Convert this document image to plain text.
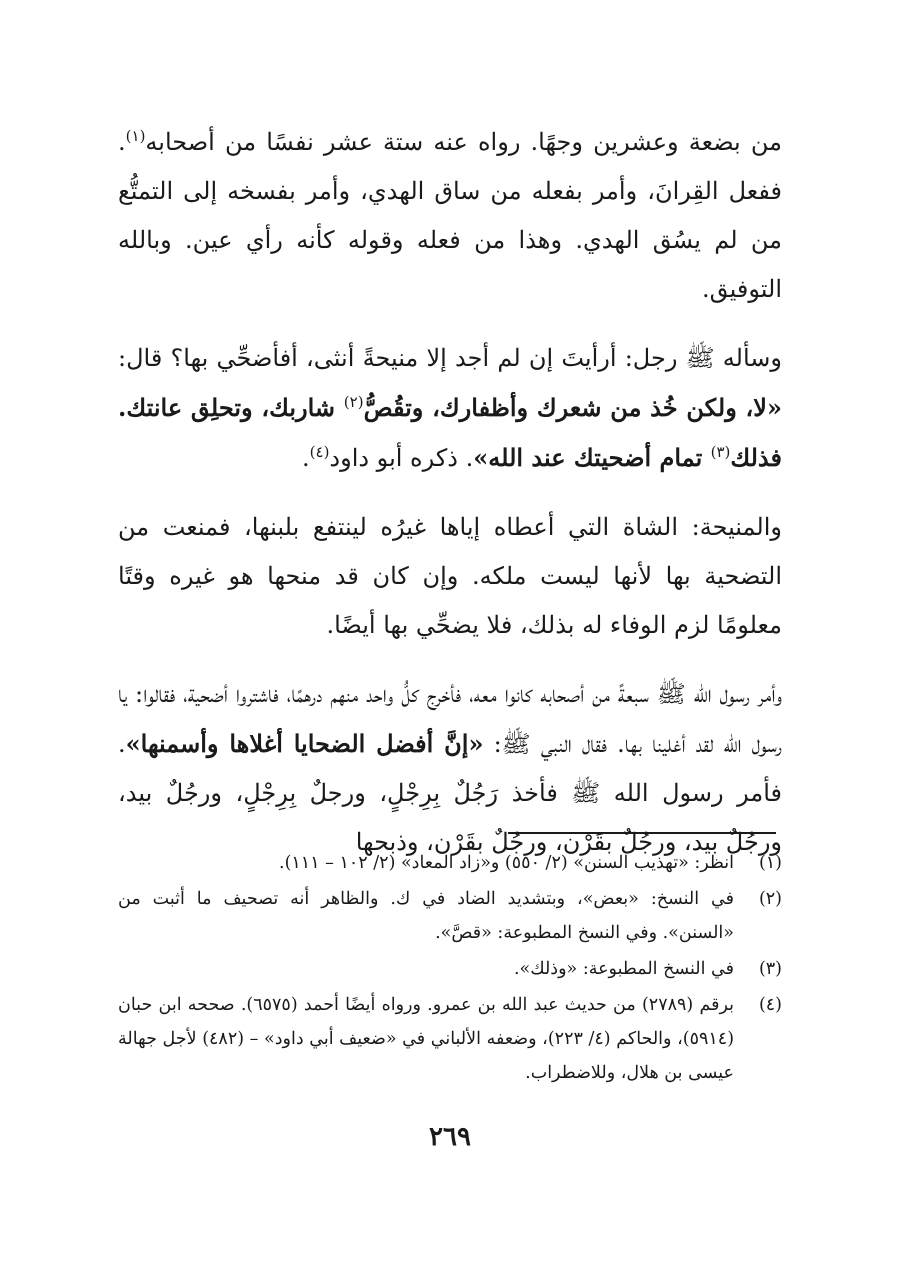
من بضعة وعشرين وجهًا. رواه عنه ستة عشر نفسًا من أصحابه$^{(١)}$. ففعل القِرانَ، وأمر بفعله من ساق الهدي، وأمر بفسخه إلى التمتُّع من لم يسُق الهدي. وهذا من فعله وقوله كأنه رأي عين. وبالله التوفيق.

وسأله ﷺ رجل: أرأيتَ إن لم أجد إلا منيحةً أنثى، أفأضحِّي بها؟ قال: «لا، ولكن خُذ من شعرك وأظفارك، وتقُصُّ$^{(٢)}$ شاربك، وتحلِق عانتك. فذلك$^{(٣)}$ تمام أضحيتك عند الله». ذكره أبو داود$^{(٤)}$.

والمنيحة: الشاة التي أعطاه إياها غيرُه لينتفع بلبنها، فمنعت من التضحية بها لأنها ليست ملكه. وإن كان قد منحها هو غيره وقتًا معلومًا لزم الوفاء له بذلك، فلا يضحِّي بها أيضًا.

وأمر رسول الله ﷺ سبعةً من أصحابه كانوا معه، فأخرج كلُّ واحد منهم درهمًا، فاشتروا أضحية، فقالوا: يا رسول الله لقد أغلينا بها. فقال النبي ﷺ: «إنَّ أفضل الضحايا أغلاها وأسمنها». فأمر رسول الله ﷺ فأخذ رَجُلٌ بِرِجْلٍ، ورجلٌ بِرِجْلٍ، ورجُلٌ بيد، ورجُلٌ بيد، ورجُلٌ بقَرْن، ورجُلٌ بقَرْن، وذبحها

(١)
انظر: «تهذيب السنن» (٢/ ٥٥٠) و«زاد المعاد» (٢/ ١٠٢ – ١١١).
(٢)
في النسخ: «بعض»، وبتشديد الضاد في ك. والظاهر أنه تصحيف ما أثبت من «السنن». وفي النسخ المطبوعة: «قصَّ».
(٣)
في النسخ المطبوعة: «وذلك».
(٤)
برقم (٢٧٨٩) من حديث عبد الله بن عمرو. ورواه أيضًا أحمد (٦٥٧٥). صححه ابن حبان (٥٩١٤)، والحاكم (٤/ ٢٢٣)، وضعفه الألباني في «ضعيف أبي داود» – (٤٨٢) لأجل جهالة عيسى بن هلال، وللاضطراب.
٢٦٩
